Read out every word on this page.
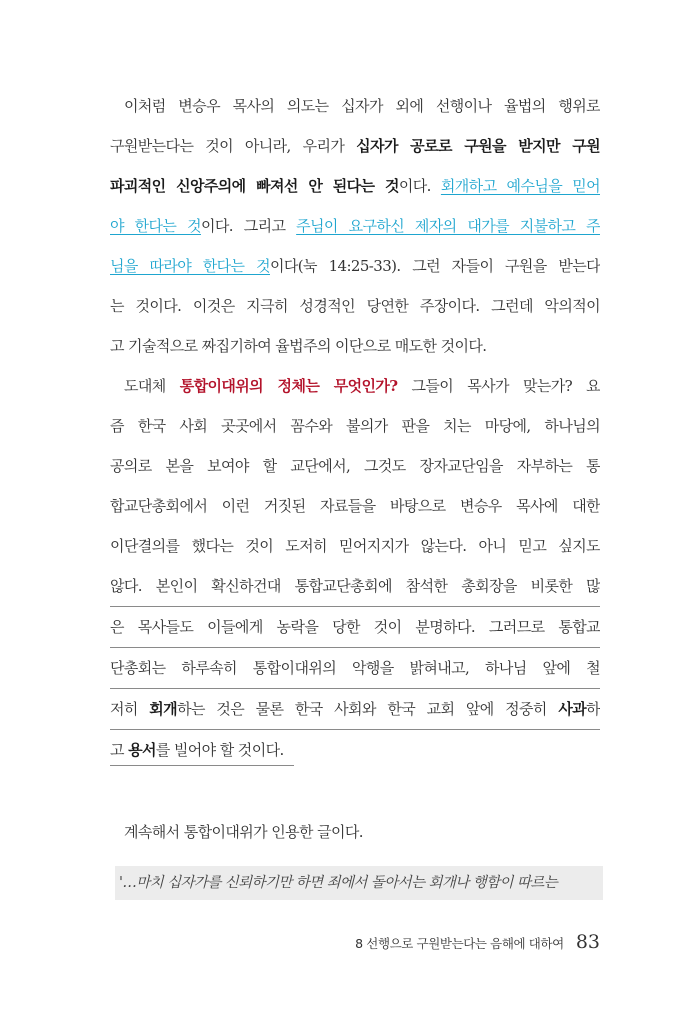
이처럼 변승우 목사의 의도는 십자가 외에 선행이나 율법의 행위로
구원받는다는 것이 아니라, 우리가 십자가 공로로 구원을 받지만 구원
파괴적인 신앙주의에 빠져선 안 된다는 것이다. 회개하고 예수님을 믿어
야 한다는 것이다. 그리고 주님이 요구하신 제자의 대가를 지불하고 주
님을 따라야 한다는 것이다(눅 14:25-33). 그런 자들이 구원을 받는다
는 것이다. 이것은 지극히 성경적인 당연한 주장이다. 그런데 악의적이
고 기술적으로 짜집기하여 율법주의 이단으로 매도한 것이다.
도대체 통합이대위의 정체는 무엇인가? 그들이 목사가 맞는가? 요
즘 한국 사회 곳곳에서 꼼수와 불의가 판을 치는 마당에, 하나님의
공의로 본을 보여야 할 교단에서, 그것도 장자교단임을 자부하는 통
합교단총회에서 이런 거짓된 자료들을 바탕으로 변승우 목사에 대한
이단결의를 했다는 것이 도저히 믿어지지가 않는다. 아니 믿고 싶지도
않다. 본인이 확신하건대 통합교단총회에 참석한 총회장을 비롯한 많
은 목사들도 이들에게 농락을 당한 것이 분명하다. 그러므로 통합교
단총회는 하루속히 통합이대위의 악행을 밝혀내고, 하나님 앞에 철
저히 회개하는 것은 물론 한국 사회와 한국 교회 앞에 정중히 사과하
고 용서를 빌어야 할 것이다.
계속해서 통합이대위가 인용한 글이다.
'…마치 십자가를 신뢰하기만 하면 죄에서 돌아서는 회개나 행함이 따르는
8 선행으로 구원받는다는 음해에 대하여 83
